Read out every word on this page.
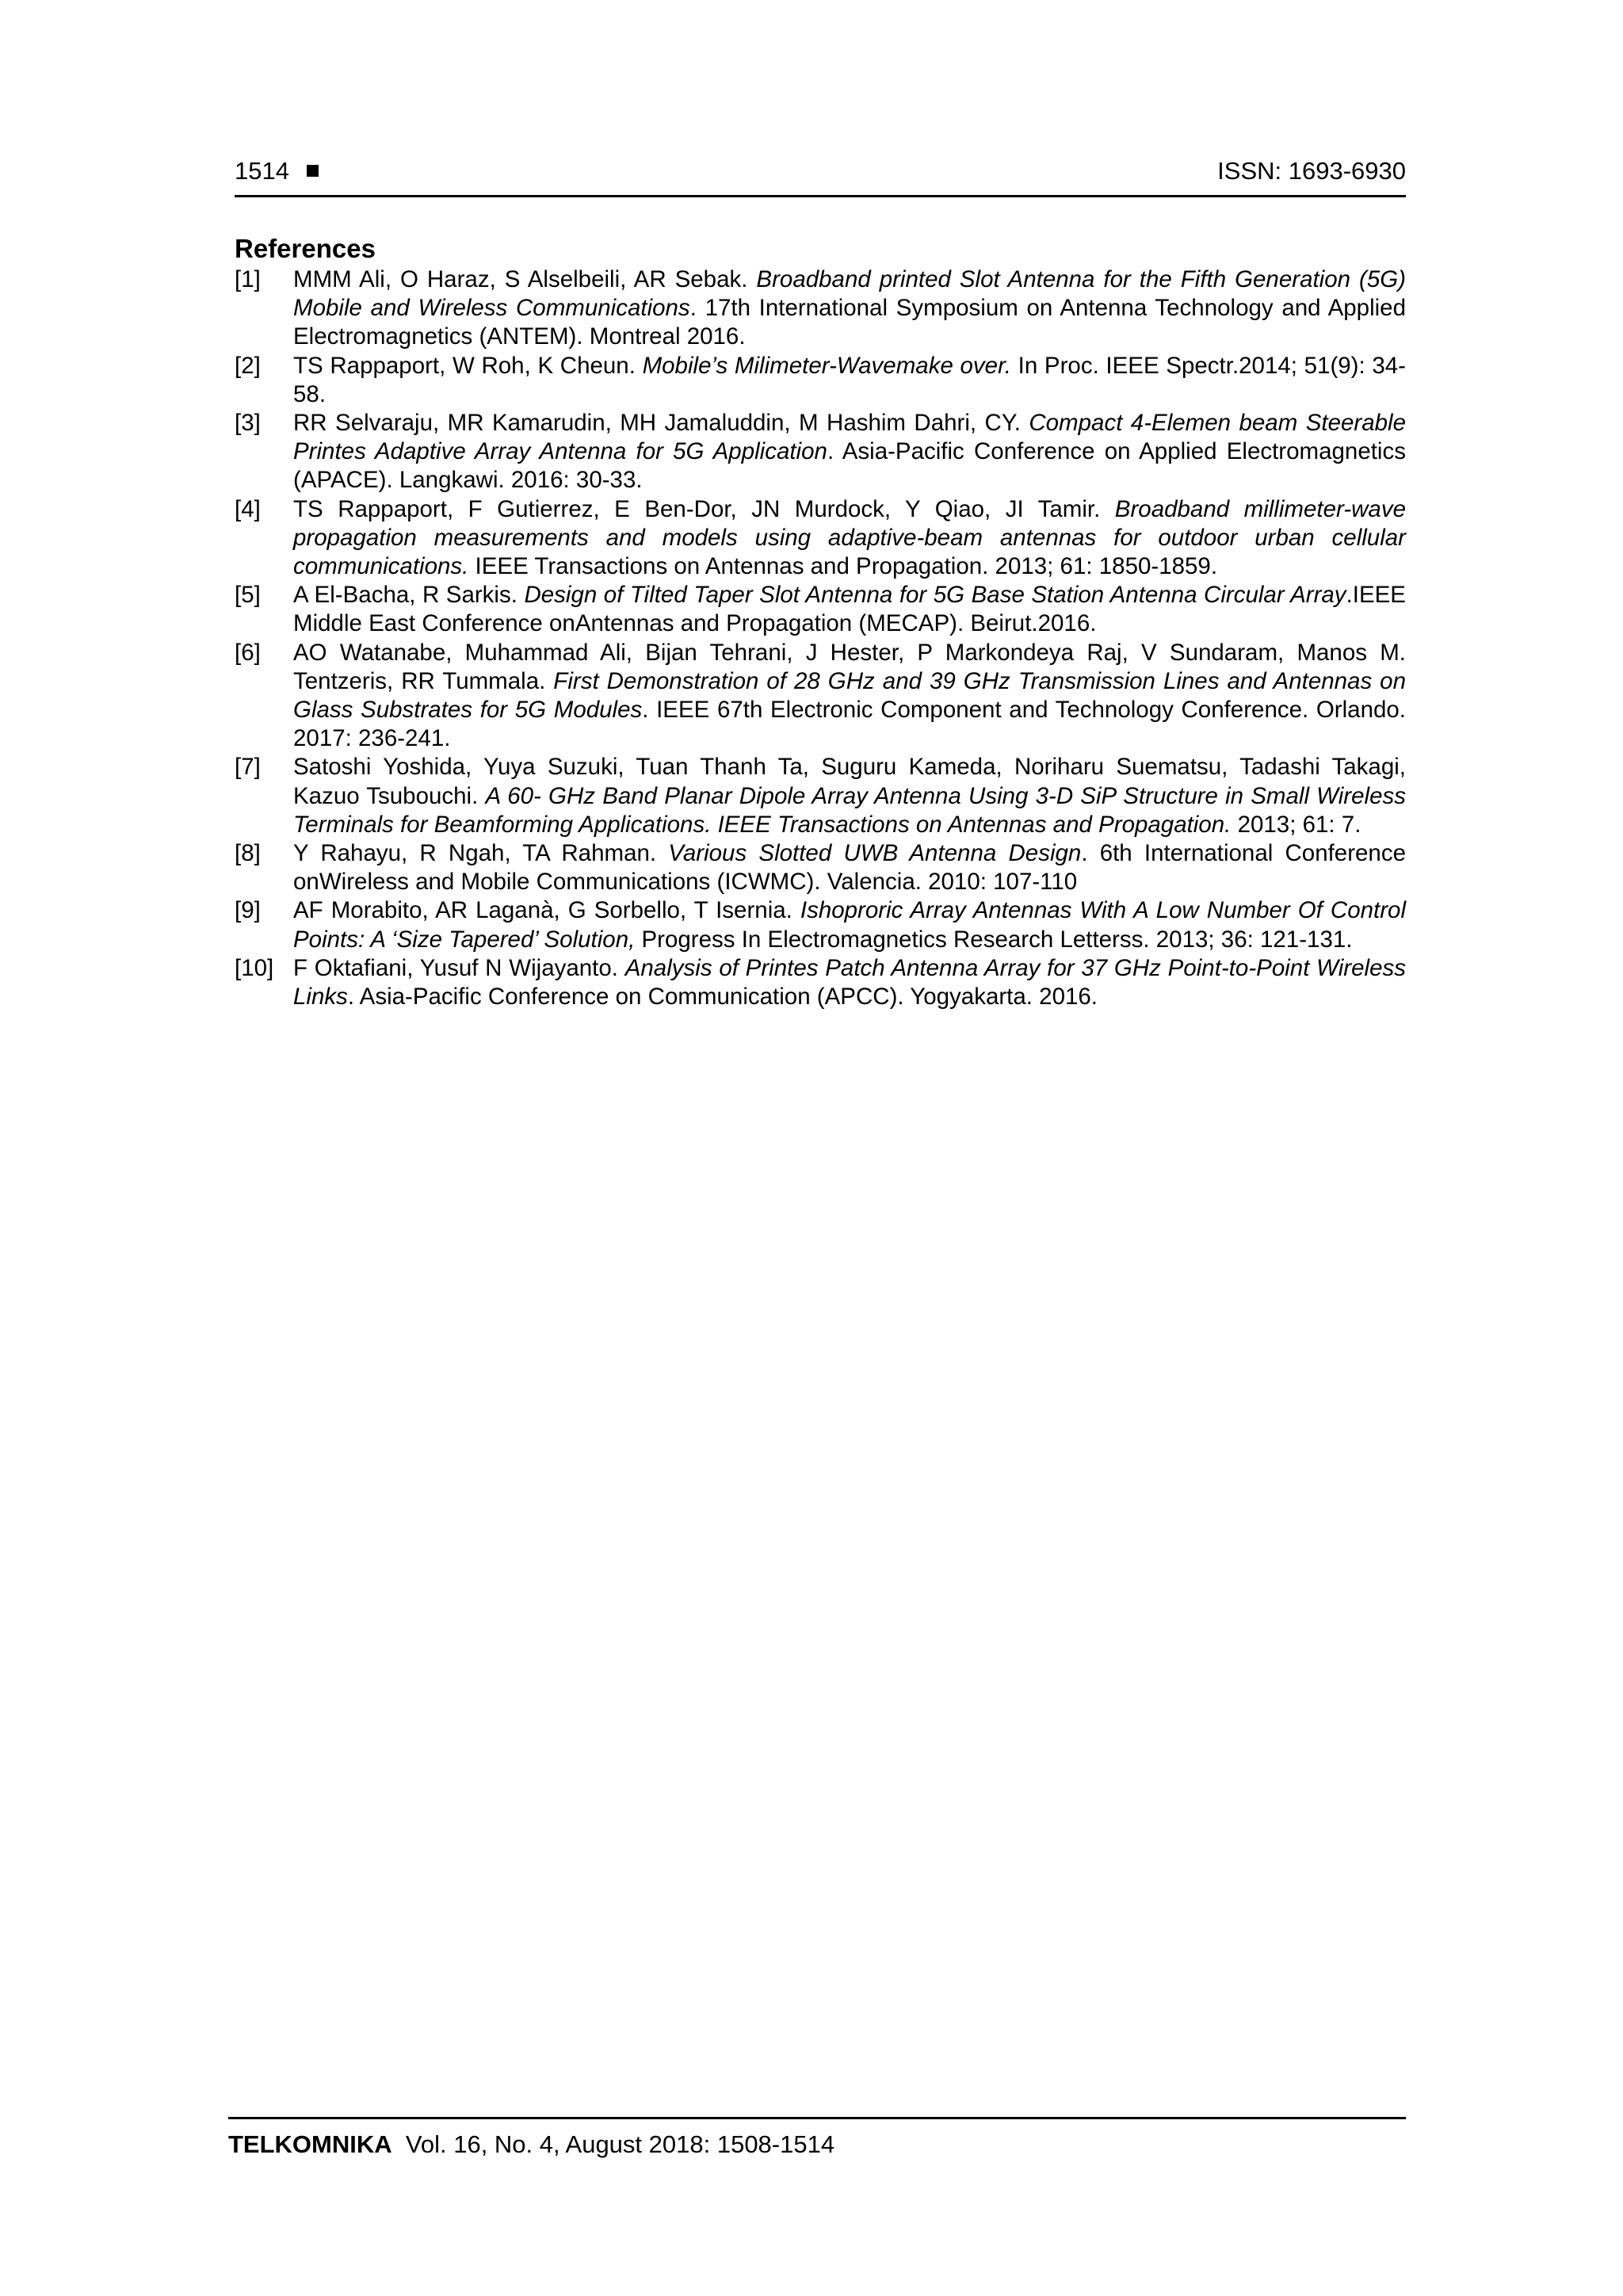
1514	ISSN: 1693-6930
References
[1]	MMM Ali, O Haraz, S Alselbeili, AR Sebak. Broadband printed Slot Antenna for the Fifth Generation (5G) Mobile and Wireless Communications. 17th International Symposium on Antenna Technology and Applied Electromagnetics (ANTEM). Montreal 2016.
[2]	TS Rappaport, W Roh, K Cheun. Mobile’s Milimeter-Wavemake over. In Proc. IEEE Spectr.2014; 51(9): 34-58.
[3]	RR Selvaraju, MR Kamarudin, MH Jamaluddin, M Hashim Dahri, CY. Compact 4-Elemen beam Steerable Printes Adaptive Array Antenna for 5G Application. Asia-Pacific Conference on Applied Electromagnetics (APACE). Langkawi. 2016: 30-33.
[4]	TS Rappaport, F Gutierrez, E Ben-Dor, JN Murdock, Y Qiao, JI Tamir. Broadband millimeter-wave propagation measurements and models using adaptive-beam antennas for outdoor urban cellular communications. IEEE Transactions on Antennas and Propagation. 2013; 61: 1850-1859.
[5]	A El-Bacha, R Sarkis. Design of Tilted Taper Slot Antenna for 5G Base Station Antenna Circular Array.IEEE Middle East Conference onAntennas and Propagation (MECAP). Beirut.2016.
[6]	AO Watanabe, Muhammad Ali, Bijan Tehrani, J Hester, P Markondeya Raj, V Sundaram, Manos M. Tentzeris, RR Tummala. First Demonstration of 28 GHz and 39 GHz Transmission Lines and Antennas on Glass Substrates for 5G Modules. IEEE 67th Electronic Component and Technology Conference. Orlando. 2017: 236-241.
[7]	Satoshi Yoshida, Yuya Suzuki, Tuan Thanh Ta, Suguru Kameda, Noriharu Suematsu, Tadashi Takagi, Kazuo Tsubouchi. A 60- GHz Band Planar Dipole Array Antenna Using 3-D SiP Structure in Small Wireless Terminals for Beamforming Applications. IEEE Transactions on Antennas and Propagation. 2013; 61: 7.
[8]	Y Rahayu, R Ngah, TA Rahman. Various Slotted UWB Antenna Design. 6th International Conference onWireless and Mobile Communications (ICWMC). Valencia. 2010: 107-110
[9]	AF Morabito, AR Laganà, G Sorbello, T Isernia. Ishoproric Array Antennas With A Low Number Of Control Points: A ‘Size Tapered’ Solution, Progress In Electromagnetics Research Letterss. 2013; 36: 121-131.
[10] F Oktafiani, Yusuf N Wijayanto. Analysis of Printes Patch Antenna Array for 37 GHz Point-to-Point Wireless Links. Asia-Pacific Conference on Communication (APCC). Yogyakarta. 2016.
TELKOMNIKA Vol. 16, No. 4, August 2018: 1508-1514
